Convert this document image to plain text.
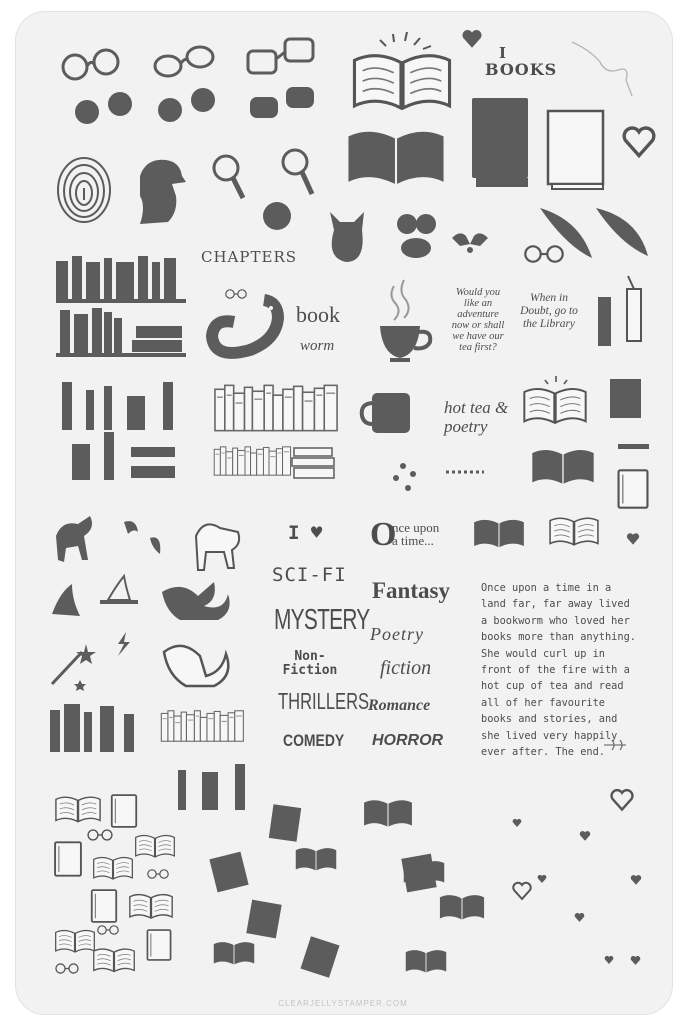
I
BOOKS
CHAPTERS
book
worm
Would you like an adventure now or shall we have our tea first?
When in Doubt, go to the Library
hot tea & poetry
I ♥
SCI-FI
MYSTERY
Non-Fiction
THRILLERS
COMEDY
O
nce upon a time...
Fantasy
Poetry
fiction
Romance
HORROR

Once upon a time in a land far, far away lived a bookworm who loved her books more than anything. She would curl up in front of the fire with a hot cup of tea and read all of her favourite books and stories, and she lived very happily ever after. The end.

CLEARJELLYSTAMPER.COM
